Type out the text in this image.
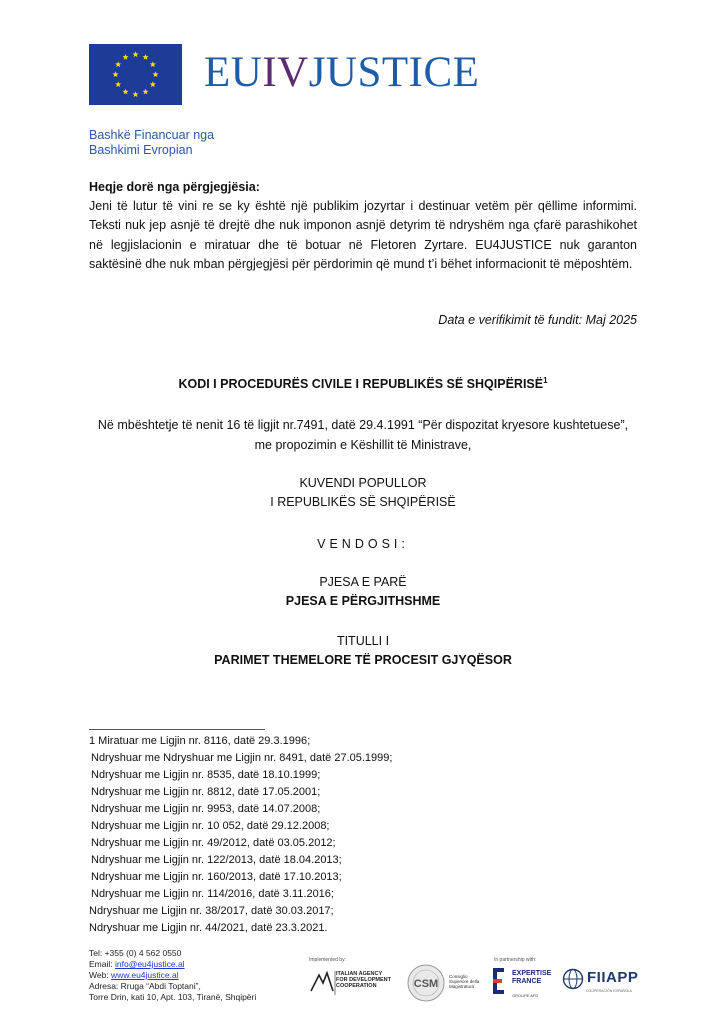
EUIVJUSTICE
Bashkë Financuar nga
Bashkimi Evropian
Heqje dorë nga përgjegjësia:
Jeni të lutur të vini re se ky është një publikim jozyrtar i destinuar vetëm për qëllime informimi. Teksti nuk jep asnjë të drejtë dhe nuk imponon asnjë detyrim të ndryshëm nga çfarë parashikohet në legjislacionin e miratuar dhe të botuar në Fletoren Zyrtare. EU4JUSTICE nuk garanton saktësinë dhe nuk mban përgjegjësi për përdorimin që mund t’i bëhet informacionit të mëposhtëm.
Data e verifikimit të fundit: Maj 2025
KODI I PROCEDURËS CIVILE I REPUBLIKËS SË SHQIPËRISË$^1$
Në mbështetje të nenit 16 të ligjit nr.7491, datë 29.4.1991 “Për dispozitat kryesore kushtetuese”, me propozimin e Këshillit të Ministrave,
KUVENDI POPULLOR
I REPUBLIKËS SË SHQIPËRISË
VENDOSI:
PJESA E PARË
PJESA E PËRGJITHSHME
TITULLI I
PARIMET THEMELORE TË PROCESIT GJYQËSOR
1 Miratuar me Ligjin nr. 8116, datë 29.3.1996;
Ndryshuar me Ndryshuar me Ligjin nr. 8491, datë 27.05.1999;
Ndryshuar me Ligjin nr. 8535, datë 18.10.1999;
Ndryshuar me Ligjin nr. 8812, datë 17.05.2001;
Ndryshuar me Ligjin nr. 9953, datë 14.07.2008;
Ndryshuar me Ligjin nr. 10 052, datë 29.12.2008;
Ndryshuar me Ligjin nr. 49/2012, datë 03.05.2012;
Ndryshuar me Ligjin nr. 122/2013, datë 18.04.2013;
Ndryshuar me Ligjin nr. 160/2013, datë 17.10.2013;
Ndryshuar me Ligjin nr. 114/2016, datë 3.11.2016;
Ndryshuar me Ligjin nr. 38/2017, datë 30.03.2017;
Ndryshuar me Ligjin nr. 44/2021, datë 23.3.2021.
Tel: +355 (0) 4 562 0550
Email: info@eu4justice.al
Web: www.eu4justice.al
Adresa: Rruga “Abdi Toptani”,
Torre Drin, kati 10, Apt. 103, Tiranë, Shqipëri
Implemented by:	In partnership with:
ITALIAN AGENCY FOR DEVELOPMENT COOPERATION	CSM
Consiglio Superiore della Magistratura
EXPERTISE FRANCE
GROUPE AFD
FIIAPP
COOPERACIÓN ESPAÑOLA
